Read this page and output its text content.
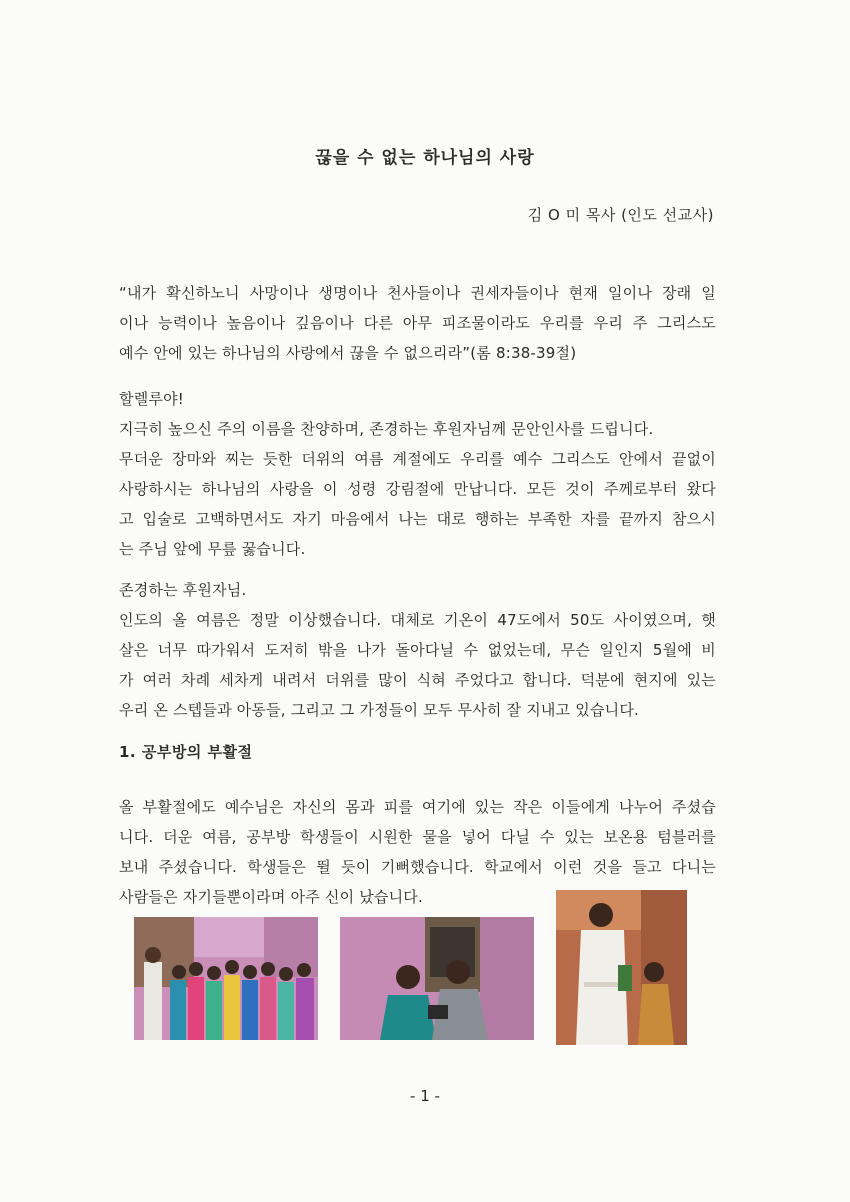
끊을 수 없는 하나님의 사랑
김 O 미 목사 (인도 선교사)
“내가 확신하노니 사망이나 생명이나 천사들이나 권세자들이나 현재 일이나 장래 일
이나 능력이나 높음이나 깊음이나 다른 아무 피조물이라도 우리를 우리 주 그리스도
예수 안에 있는 하나님의 사랑에서 끊을 수 없으리라”(롬 8:38-39절)
할렐루야!
지극히 높으신 주의 이름을 찬양하며, 존경하는 후원자님께 문안인사를 드립니다.
무더운 장마와 찌는 듯한 더위의 여름 계절에도 우리를 예수 그리스도 안에서 끝없이
사랑하시는 하나님의 사랑을 이 성령 강림절에 만납니다. 모든 것이 주께로부터 왔다
고 입술로 고백하면서도 자기 마음에서 나는 대로 행하는 부족한 자를 끝까지 참으시
는 주님 앞에 무릎 꿇습니다.
존경하는 후원자님.
인도의 올 여름은 정말 이상했습니다. 대체로 기온이 47도에서 50도 사이였으며, 햇
살은 너무 따가워서 도저히 밖을 나가 돌아다닐 수 없었는데, 무슨 일인지 5월에 비
가 여러 차례 세차게 내려서 더위를 많이 식혀 주었다고 합니다. 덕분에 현지에 있는
우리 온 스텝들과 아동들, 그리고 그 가정들이 모두 무사히 잘 지내고 있습니다.
1. 공부방의 부활절
올 부활절에도 예수님은 자신의 몸과 피를 여기에 있는 작은 이들에게 나누어 주셨습
니다. 더운 여름, 공부방 학생들이 시원한 물을 넣어 다닐 수 있는 보온용 텀블러를
보내 주셨습니다. 학생들은 뛸 듯이 기뻐했습니다. 학교에서 이런 것을 들고 다니는
사람들은 자기들뿐이라며 아주 신이 났습니다.
- 1 -
